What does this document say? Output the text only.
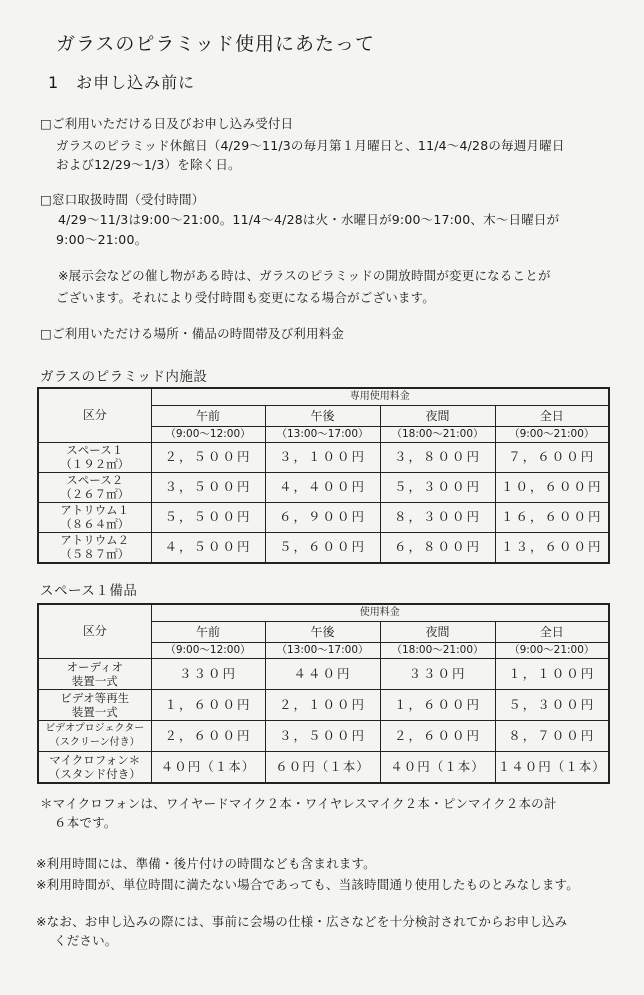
ガラスのピラミッド使用にあたって
1　お申し込み前に
□ご利用いただける日及びお申し込み受付日
ガラスのピラミッド休館日（4/29〜11/3の毎月第１月曜日と、11/4〜4/28の毎週月曜日
および12/29〜1/3）を除く日。
□窓口取扱時間（受付時間）
4/29〜11/3は9:00〜21:00。11/4〜4/28は火・水曜日が9:00〜17:00、木〜日曜日が
9:00〜21:00。
※展示会などの催し物がある時は、ガラスのピラミッドの開放時間が変更になることが
ございます。それにより受付時間も変更になる場合がございます。
□ご利用いただける場所・備品の時間帯及び利用料金
ガラスのピラミッド内施設
区分	専用使用料金			
	午前	午後	夜間	全日
	（9:00〜12:00）	（13:00〜17:00）	（18:00〜21:00）	（9:00〜21:00）

スペース１
（１９２㎡）	２，５００円	３，１００円	３，８００円	７，６００円

スペース２
（２６７㎡）	３，５００円	４，４００円	５，３００円	１０，６００円

アトリウム１
（８６４㎡）	５，５００円	６，９００円	８，３００円	１６，６００円

アトリウム２
（５８７㎡）	４，５００円	５，６００円	６，８００円	１３，６００円
スペース１備品
区分	使用料金			
	午前	午後	夜間	全日
	（9:00〜12:00）	（13:00〜17:00）	（18:00〜21:00）	（9:00〜21:00）

オーディオ
装置一式	３３０円	４４０円	３３０円	１，１００円

ビデオ等再生
装置一式	１，６００円	２，１００円	１，６００円	５，３００円

ビデオプロジェクター
（スクリーン付き）	２，６００円	３，５００円	２，６００円	８，７００円

マイクロフォン＊
（スタンド付き）	４０円（１本）	６０円（１本）	４０円（１本）	１４０円（１本）
＊マイクロフォンは、ワイヤードマイク２本・ワイヤレスマイク２本・ピンマイク２本の計
６本です。
※利用時間には、準備・後片付けの時間なども含まれます。
※利用時間が、単位時間に満たない場合であっても、当該時間通り使用したものとみなします。
※なお、お申し込みの際には、事前に会場の仕様・広さなどを十分検討されてからお申し込み
ください。
